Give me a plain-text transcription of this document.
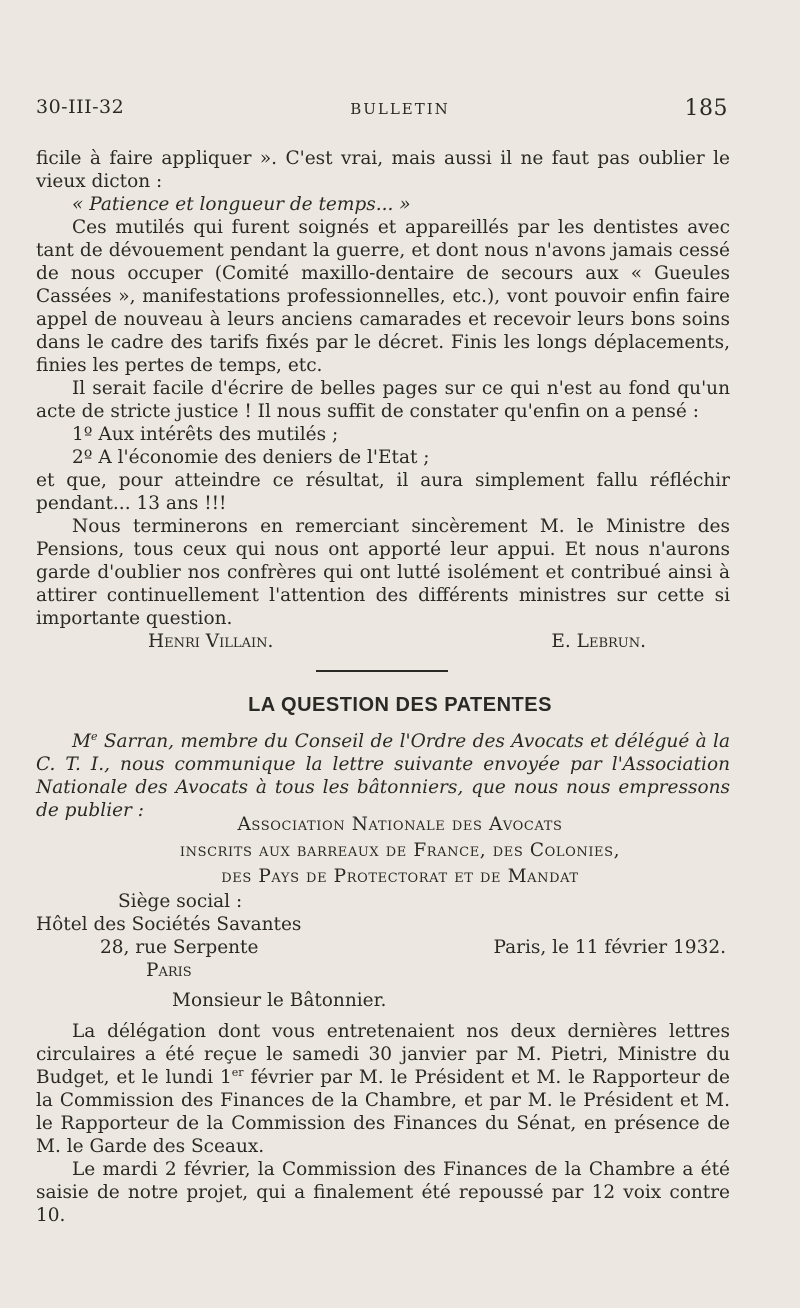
30-III-32	BULLETIN	185

ficile à faire appliquer ». C'est vrai, mais aussi il ne faut pas oublier le vieux dicton :

« Patience et longueur de temps... »

Ces mutilés qui furent soignés et appareillés par les dentistes avec tant de dévouement pendant la guerre, et dont nous n'avons jamais cessé de nous occuper (Comité maxillo-dentaire de secours aux « Gueules Cassées », manifestations professionnelles, etc.), vont pouvoir enfin faire appel de nouveau à leurs anciens camarades et recevoir leurs bons soins dans le cadre des tarifs fixés par le décret. Finis les longs déplacements, finies les pertes de temps, etc.

Il serait facile d'écrire de belles pages sur ce qui n'est au fond qu'un acte de stricte justice ! Il nous suffit de constater qu'enfin on a pensé :

1º Aux intérêts des mutilés ;

2º A l'économie des deniers de l'Etat ;

et que, pour atteindre ce résultat, il aura simplement fallu réfléchir pendant... 13 ans !!!

Nous terminerons en remerciant sincèrement M. le Ministre des Pensions, tous ceux qui nous ont apporté leur appui. Et nous n'aurons garde d'oublier nos confrères qui ont lutté isolément et contribué ainsi à attirer continuellement l'attention des différents ministres sur cette si importante question.

Henri Villain.	E. Lebrun.
LA QUESTION DES PATENTES
Me Sarran, membre du Conseil de l'Ordre des Avocats et délégué à la C. T. I., nous communique la lettre suivante envoyée par l'Association Nationale des Avocats à tous les bâtonniers, que nous nous empressons de publier :
Association Nationale des Avocats
inscrits aux barreaux de France, des Colonies,
des Pays de Protectorat et de Mandat
Siège social :
Hôtel des Sociétés Savantes
28, rue Serpente
Paris
Paris, le 11 février 1932.
Monsieur le Bâtonnier.

La délégation dont vous entretenaient nos deux dernières lettres circulaires a été reçue le samedi 30 janvier par M. Pietri, Ministre du Budget, et le lundi 1er février par M. le Président et M. le Rapporteur de la Commission des Finances de la Chambre, et par M. le Président et M. le Rapporteur de la Commission des Finances du Sénat, en présence de M. le Garde des Sceaux.

Le mardi 2 février, la Commission des Finances de la Chambre a été saisie de notre projet, qui a finalement été repoussé par 12 voix contre 10.
